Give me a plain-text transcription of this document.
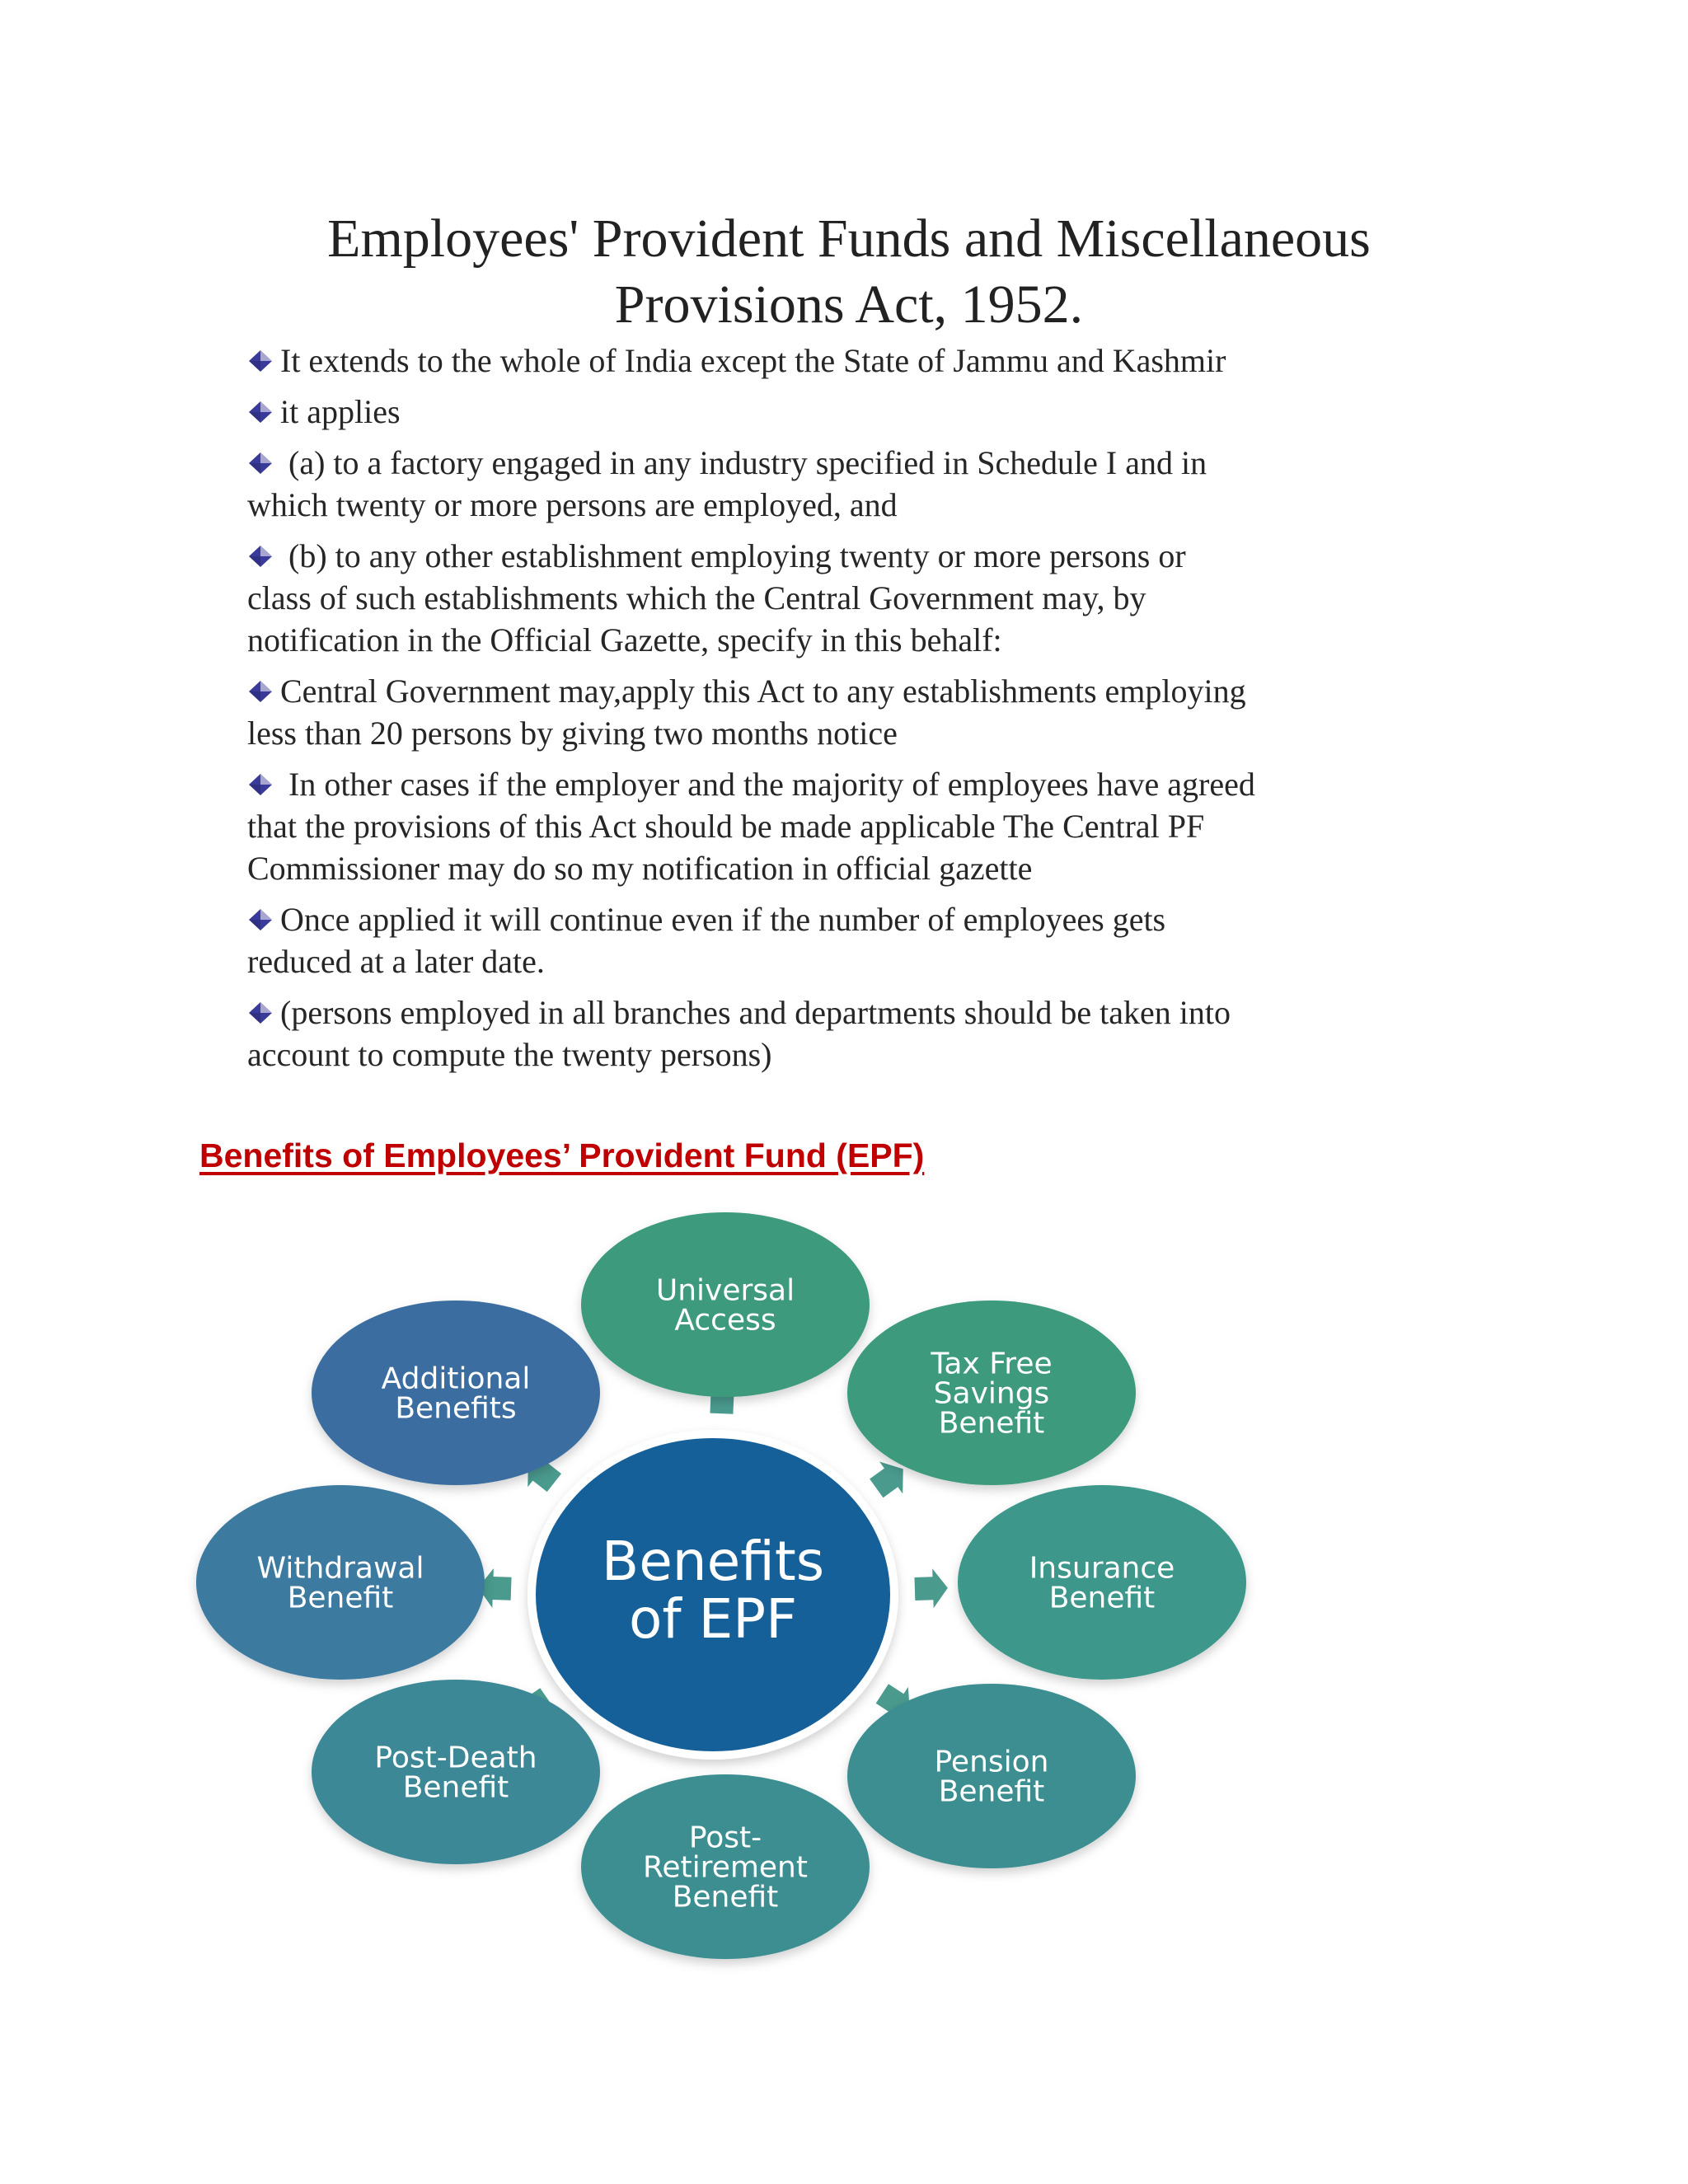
Employees' Provident Funds and Miscellaneous
Provisions Act, 1952.
It extends to the whole of India except the State of Jammu and Kashmir
it applies
(a) to a factory engaged in any industry specified in Schedule I and in
which twenty or more persons are employed, and
(b) to any other establishment employing twenty or more persons or
class of such establishments which the Central Government may, by
notification in the Official Gazette, specify in this behalf:
Central Government may,apply this Act to any establishments employing
less than 20 persons by giving two months notice
In other cases if the employer and the majority of employees have agreed
that the provisions of this Act should be made applicable The Central PF
Commissioner may do so my notification in official gazette
Once applied it will continue even if the number of employees gets
reduced at a later date.
(persons employed in all branches and departments should be taken into
account to compute the twenty persons)
Benefits of Employees’ Provident Fund (EPF)
Universal
Access
Tax Free
Savings
Benefit
Insurance
Benefit
Pension
Benefit
Post-
Retirement
Benefit
Post-Death
Benefit
Withdrawal
Benefit
Additional
Benefits
Benefits
of EPF
